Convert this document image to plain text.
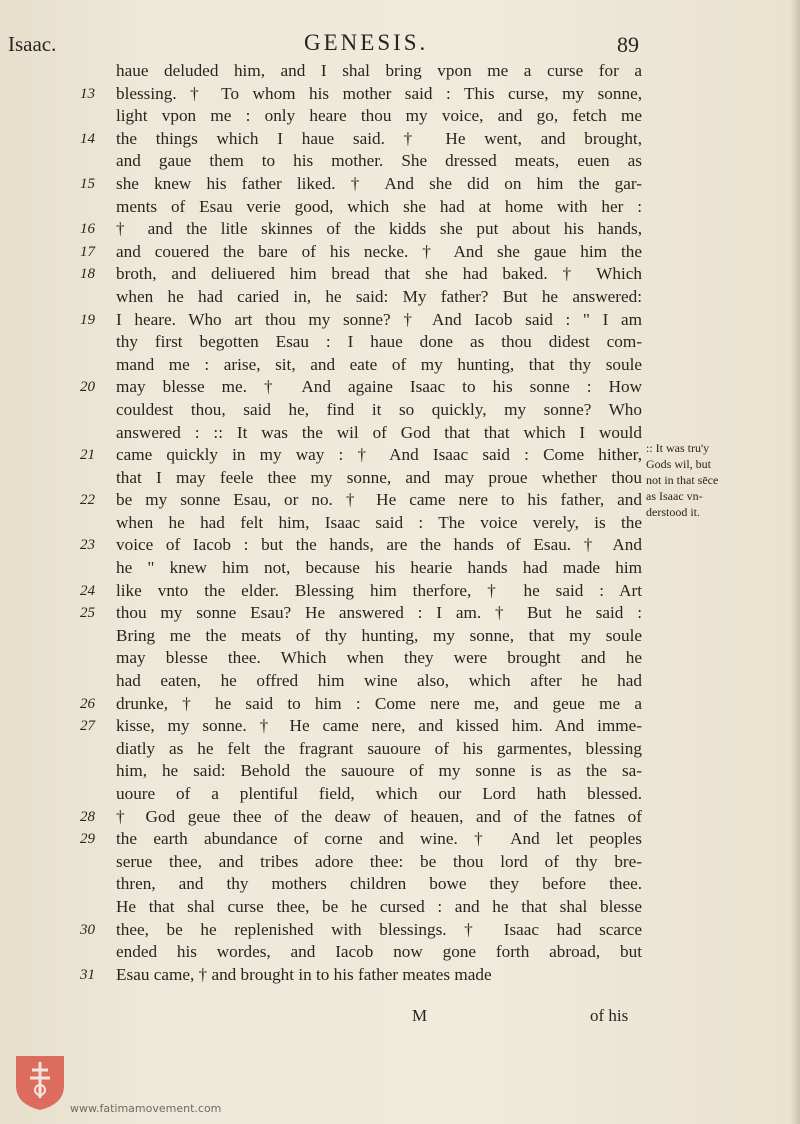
Isaac.	GENESIS.	89
haue deluded him, and I shal bring vpon me a curse for a
13	blessing. † To whom his mother said : This curse, my sonne,
light vpon me : only heare thou my voice, and go, fetch me
14	the things which I haue said. † He went, and brought,
and gaue them to his mother. She dressed meats, euen as
15	she knew his father liked. † And she did on him the gar-
ments of Esau verie good, which she had at home with her :
16	† and the litle skinnes of the kidds she put about his hands,
17	and couered the bare of his necke. † And she gaue him the
18	broth, and deliuered him bread that she had baked. † Which
when he had caried in, he said: My father? But he answered:
19	I heare. Who art thou my sonne? † And Iacob said : " I am
thy first begotten Esau : I haue done as thou didest com-
mand me : arise, sit, and eate of my hunting, that thy soule
20	may blesse me. † And againe Isaac to his sonne : How
couldest thou, said he, find it so quickly, my sonne? Who
answered : :: It was the wil of God that that which I would
21	came quickly in my way : † And Isaac said : Come hither,
that I may feele thee my sonne, and may proue whether thou
22	be my sonne Esau, or no. † He came nere to his father, and
when he had felt him, Isaac said : The voice verely, is the
23	voice of Iacob : but the hands, are the hands of Esau. † And
he " knew him not, because his hearie hands had made him
24	like vnto the elder. Blessing him therfore, † he said : Art
25	thou my sonne Esau? He answered : I am. † But he said :
Bring me the meats of thy hunting, my sonne, that my soule
may blesse thee. Which when they were brought and he
had eaten, he offred him wine also, which after he had
26	drunke, † he said to him : Come nere me, and geue me a
27	kisse, my sonne. † He came nere, and kissed him. And imme-
diatly as he felt the fragrant sauoure of his garmentes, blessing
him, he said: Behold the sauoure of my sonne is as the sa-
uoure of a plentiful field, which our Lord hath blessed.
28	† God geue thee of the deaw of heauen, and of the fatnes of
29	the earth abundance of corne and wine. † And let peoples
serue thee, and tribes adore thee: be thou lord of thy bre-
thren, and thy mothers children bowe they before thee.
He that shal curse thee, be he cursed : and he that shal blesse
30	thee, be he replenished with blessings. † Isaac had scarce
ended his wordes, and Iacob now gone forth abroad, but
31	Esau came, † and brought in to his father meates made
:: It was tru'y
Gods wil, but
not in that sēce
as Isaac vn-
derstood it.
M	of his
www.fatimamovement.com
